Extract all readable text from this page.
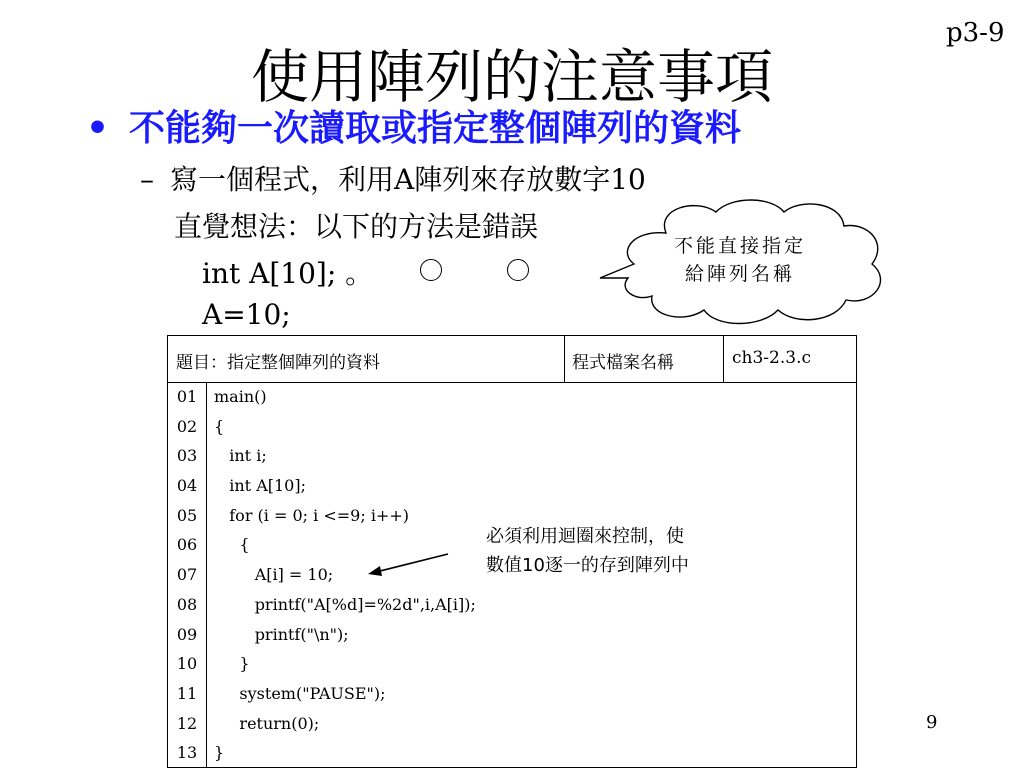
p3-9
使用陣列的注意事項
• 不能夠一次讀取或指定整個陣列的資料
– 寫一個程式，利用A陣列來存放數字10
直覺想法：以下的方法是錯誤
int A[10]; 。
A=10;
不能直接指定
給陣列名稱
題目：指定整個陣列的資料	程式檔案名稱	ch3-2.3.c
01	main()
02	{
03	int i;
04	int A[10];
05	for (i = 0; i <=9; i++)
06	{
07	A[i] = 10;
08	printf("A[%d]=%2d",i,A[i]);
09	printf("\n");
10	}
11	system("PAUSE");
12	return(0);
13	}
必須利用迴圈來控制，使
數值10逐一的存到陣列中
9
